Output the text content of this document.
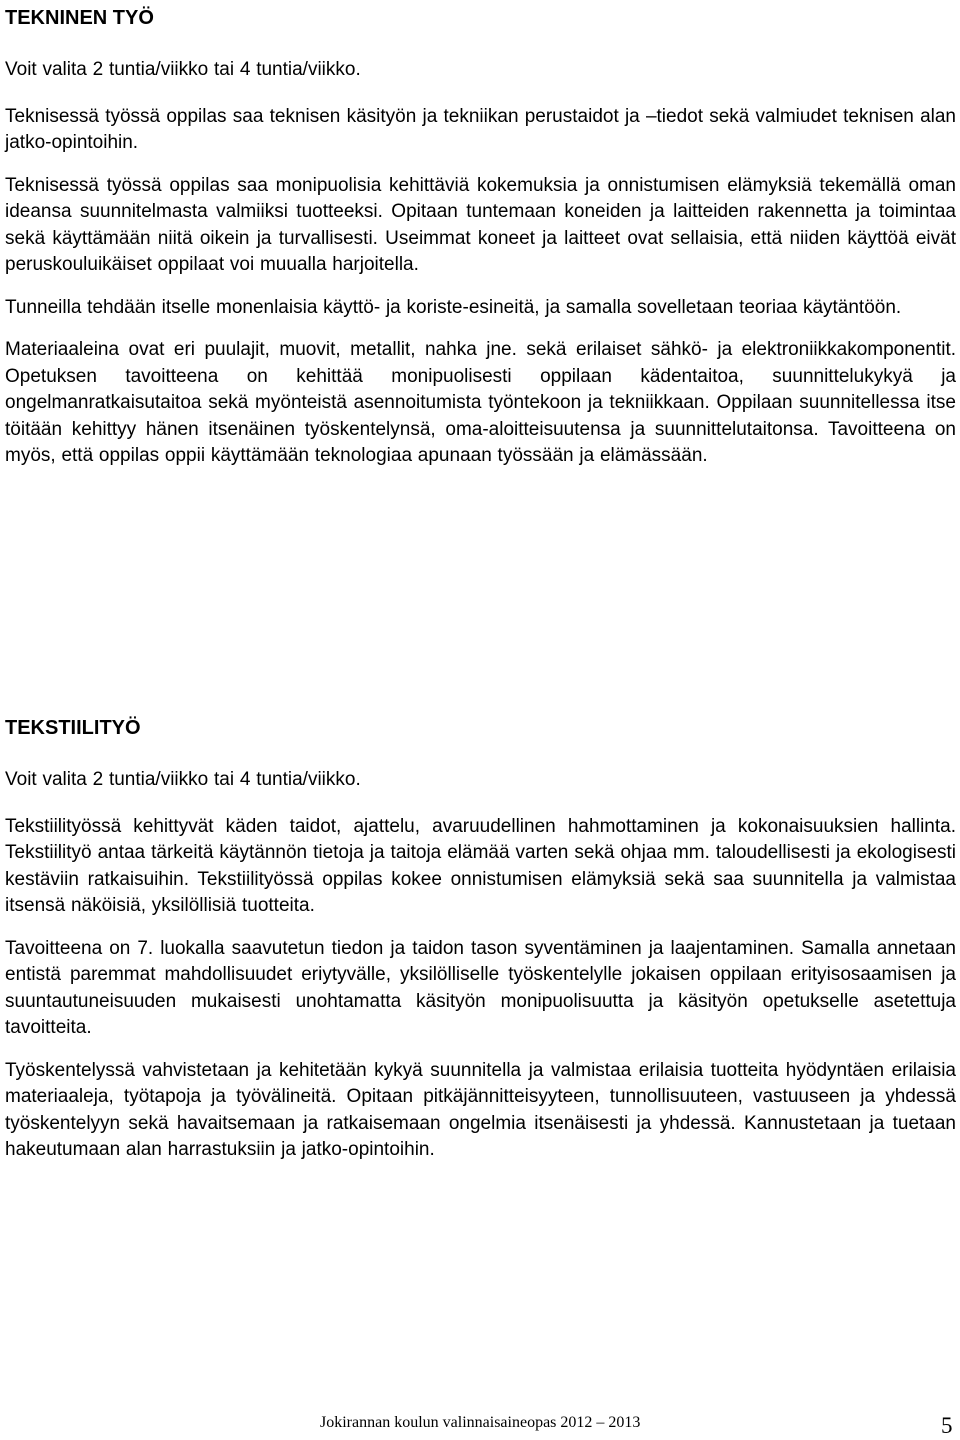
TEKNINEN TYÖ

Voit valita 2 tuntia/viikko tai 4 tuntia/viikko.

Teknisessä työssä oppilas saa teknisen käsityön ja tekniikan perustaidot ja –tiedot sekä valmiudet teknisen alan jatko-opintoihin.

Teknisessä työssä oppilas saa monipuolisia kehittäviä kokemuksia ja onnistumisen elämyksiä tekemällä oman ideansa suunnitelmasta valmiiksi tuotteeksi. Opitaan tuntemaan koneiden ja laitteiden rakennetta ja toimintaa sekä käyttämään niitä oikein ja turvallisesti. Useimmat koneet ja laitteet ovat sellaisia, että niiden käyttöä eivät peruskouluikäiset oppilaat voi muualla harjoitella.

Tunneilla tehdään itselle monenlaisia käyttö- ja koriste-esineitä, ja samalla sovelletaan teoriaa käytäntöön.

Materiaaleina ovat eri puulajit, muovit, metallit, nahka jne. sekä erilaiset sähkö- ja elektroniikkakomponentit. Opetuksen tavoitteena on kehittää monipuolisesti oppilaan kädentaitoa, suunnittelukykyä ja ongelmanratkaisutaitoa sekä myönteistä asennoitumista työntekoon ja tekniikkaan. Oppilaan suunnitellessa itse töitään kehittyy hänen itsenäinen työskentelynsä, oma-aloitteisuutensa ja suunnittelutaitonsa. Tavoitteena on myös, että oppilas oppii käyttämään teknologiaa apunaan työssään ja elämässään.

TEKSTIILITYÖ

Voit valita 2 tuntia/viikko tai 4 tuntia/viikko.

Tekstiilityössä kehittyvät käden taidot, ajattelu, avaruudellinen hahmottaminen ja kokonaisuuksien hallinta. Tekstiilityö antaa tärkeitä käytännön tietoja ja taitoja elämää varten sekä ohjaa mm. taloudellisesti ja ekologisesti kestäviin ratkaisuihin. Tekstiilityössä oppilas kokee onnistumisen elämyksiä sekä saa suunnitella ja valmistaa itsensä näköisiä, yksilöllisiä tuotteita.

Tavoitteena on 7. luokalla saavutetun tiedon ja taidon tason syventäminen ja laajentaminen. Samalla annetaan entistä paremmat mahdollisuudet eriytyvälle, yksilölliselle työskentelylle jokaisen oppilaan erityisosaamisen ja suuntautuneisuuden mukaisesti unohtamatta käsityön monipuolisuutta ja käsityön opetukselle asetettuja tavoitteita.

Työskentelyssä vahvistetaan ja kehitetään kykyä suunnitella ja valmistaa erilaisia tuotteita hyödyntäen erilaisia materiaaleja, työtapoja ja työvälineitä. Opitaan pitkäjännitteisyyteen, tunnollisuuteen, vastuuseen ja yhdessä työskentelyyn sekä havaitsemaan ja ratkaisemaan ongelmia itsenäisesti ja yhdessä. Kannustetaan ja tuetaan hakeutumaan alan harrastuksiin ja jatko-opintoihin.

Jokirannan koulun valinnaisaineopas 2012 – 2013	5
